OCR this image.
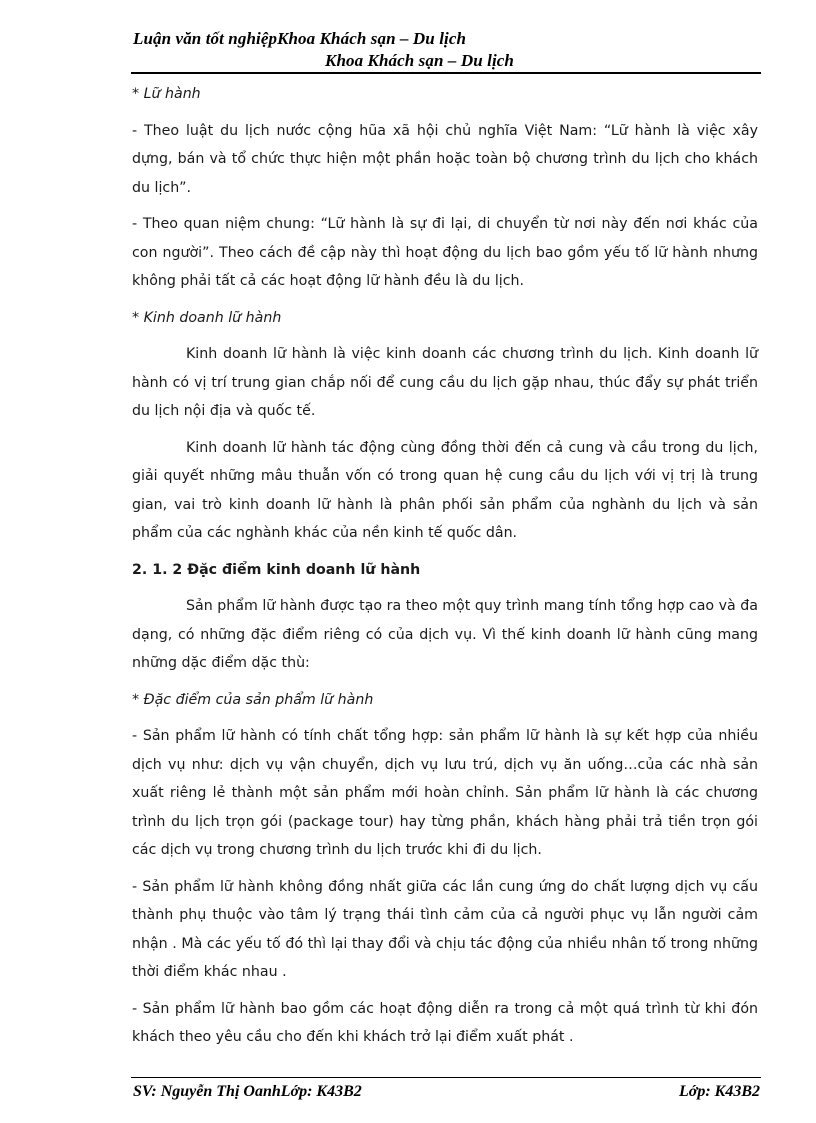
Luận văn tốt nghiệpKhoa Khách sạn – Du lịch
Khoa Khách sạn – Du lịch

* Lữ hành

- Theo luật du lịch nước cộng hũa xã hội chủ nghĩa Việt Nam: “Lữ hành là việc xây dựng, bán và tổ chức thực hiện một phần hoặc toàn bộ chương trình du lịch cho khách du lịch”.

- Theo quan niệm chung: “Lữ hành là sự đi lại, di chuyển từ nơi này đến nơi khác của con người”. Theo cách đề cập này thì hoạt động du lịch bao gồm yếu tố lữ hành nhưng không phải tất cả các hoạt động lữ hành đều là du lịch.

* Kinh doanh lữ hành

Kinh doanh lữ hành là việc kinh doanh các chương trình du lịch. Kinh doanh lữ hành có vị trí trung gian chắp nối để cung cầu du lịch gặp nhau, thúc đẩy sự phát triển du lịch nội địa và quốc tế.

Kinh doanh lữ hành tác động cùng đồng thời đến cả cung và cầu trong du lịch, giải quyết những mâu thuẫn vốn có trong quan hệ cung cầu du lịch với vị trị là trung gian, vai trò kinh doanh lữ hành là phân phối sản phẩm của nghành du lịch và sản phẩm của các nghành khác của nền kinh tế quốc dân.

2. 1. 2 Đặc điểm kinh doanh lữ hành

Sản phẩm lữ hành được tạo ra theo một quy trình mang tính tổng hợp cao và đa dạng, có những đặc điểm riêng có của dịch vụ. Vì thế kinh doanh lữ hành cũng mang những dặc điểm dặc thù:

* Đặc điểm của sản phẩm lữ hành

- Sản phẩm lữ hành có tính chất tổng hợp: sản phẩm lữ hành là sự kết hợp của nhiều dịch vụ như: dịch vụ vận chuyển, dịch vụ lưu trú, dịch vụ ăn uống…của các nhà sản xuất riêng lẻ thành một sản phẩm mới hoàn chỉnh. Sản phẩm lữ hành là các chương trình du lịch trọn gói (package tour) hay từng phần, khách hàng phải trả tiền trọn gói các dịch vụ trong chương trình du lịch trước khi đi du lịch.

- Sản phẩm lữ hành không đồng nhất giữa các lần cung ứng do chất lượng dịch vụ cấu thành phụ thuộc vào tâm lý trạng thái tình cảm của cả người phục vụ lẫn người cảm nhận . Mà các yếu tố đó thì lại thay đổi và chịu tác động của nhiều nhân tố trong những thời điểm khác nhau .

- Sản phẩm lữ hành bao gồm các hoạt động diễn ra trong cả một quá trình từ khi đón khách theo yêu cầu cho đến khi khách trở lại điểm xuất phát .

SV: Nguyễn Thị OanhLớp: K43B2	Lớp: K43B2
